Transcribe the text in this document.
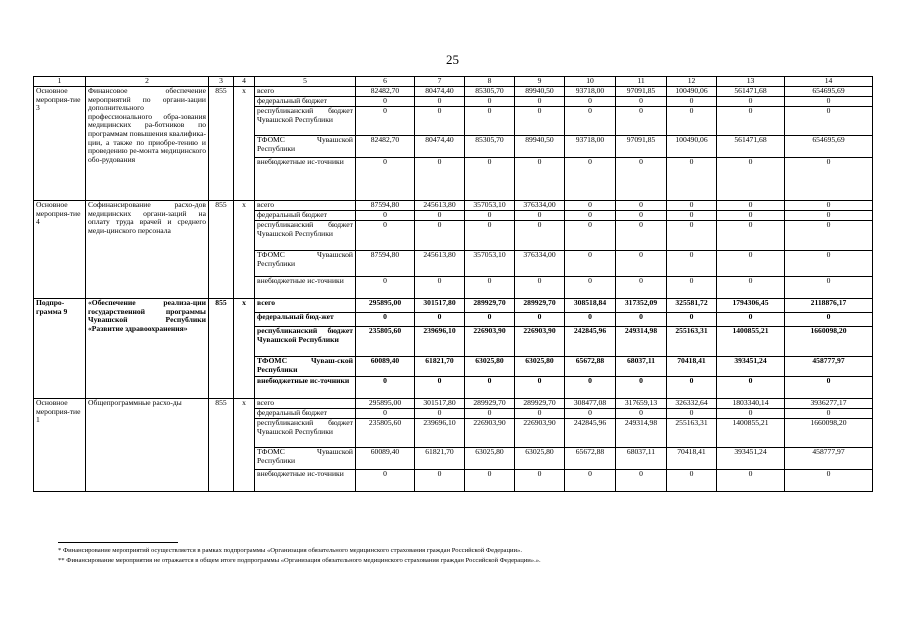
25
1	2	3	4	5	6	7	8	9	10	11	12	13	14
Основное мероприя-тие 3	Финансовое обеспечение мероприятий по органи-зации дополнительного профессионального обра-зования медицинских ра-ботников по программам повышения квалифика-ции, а также по приобре-тению и проведению ре-монта медицинского обо-рудования	855	x	всего	82482,70	80474,40	85305,70	89940,50	93718,00	97091,85	100490,06	561471,68	654695,69
				федеральный бюджет	0	0	0	0	0	0	0	0	0
				республиканский бюджет Чувашской Республики	0	0	0	0	0	0	0	0	0
				ТФОМС Чувашской Республики	82482,70	80474,40	85305,70	89940,50	93718,00	97091,85	100490,06	561471,68	654695,69
				внебюджетные ис-точники	0	0	0	0	0	0	0	0	0
Основное мероприя-тие 4	Софинансирование расхо-дов медицинских органи-заций на оплату труда врачей и среднего меди-цинского персонала	855	x	всего	87594,80	245613,80	357053,10	376334,00	0	0	0	0	0
				федеральный бюджет	0	0	0	0	0	0	0	0	0
				республиканский бюджет Чувашской Республики	0	0	0	0	0	0	0	0	0
				ТФОМС Чувашской Республики	87594,80	245613,80	357053,10	376334,00	0	0	0	0	0
				внебюджетные ис-точники	0	0	0	0	0	0	0	0	0
Подпро-грамма 9	«Обеспечение реализа-ции государственной программы Чувашской Республики «Развитие здравоохранения»	855	x	всего	295895,00	301517,80	289929,70	289929,70	308518,84	317352,09	325581,72	1794306,45	2118876,17
				федеральный бюд-жет	0	0	0	0	0	0	0	0	0
				республиканский бюджет Чувашской Республики	235805,60	239696,10	226903,90	226903,90	242845,96	249314,98	255163,31	1400855,21	1660098,20
				ТФОМС Чуваш-ской Республики	60089,40	61821,70	63025,80	63025,80	65672,88	68037,11	70418,41	393451,24	458777,97
				внебюджетные ис-точники	0	0	0	0	0	0	0	0	0
Основное мероприя-тие 1	Общепрограммные расхо-ды	855	x	всего	295895,00	301517,80	289929,70	289929,70	308477,08	317659,13	326332,64	1803340,14	3936277,17
				федеральный бюджет	0	0	0	0	0	0	0	0	0
				республиканский бюджет Чувашской Республики	235805,60	239696,10	226903,90	226903,90	242845,96	249314,98	255163,31	1400855,21	1660098,20
				ТФОМС Чувашской Республики	60089,40	61821,70	63025,80	63025,80	65672,88	68037,11	70418,41	393451,24	458777,97
				внебюджетные ис-точники	0	0	0	0	0	0	0	0	0
* Финансирование мероприятий осуществляется в рамках подпрограммы «Организация обязательного медицинского страхования граждан Российской Федерации».
** Финансирование мероприятия не отражается в общем итоге подпрограммы «Организация обязательного медицинского страхования граждан Российской Федерации».».
